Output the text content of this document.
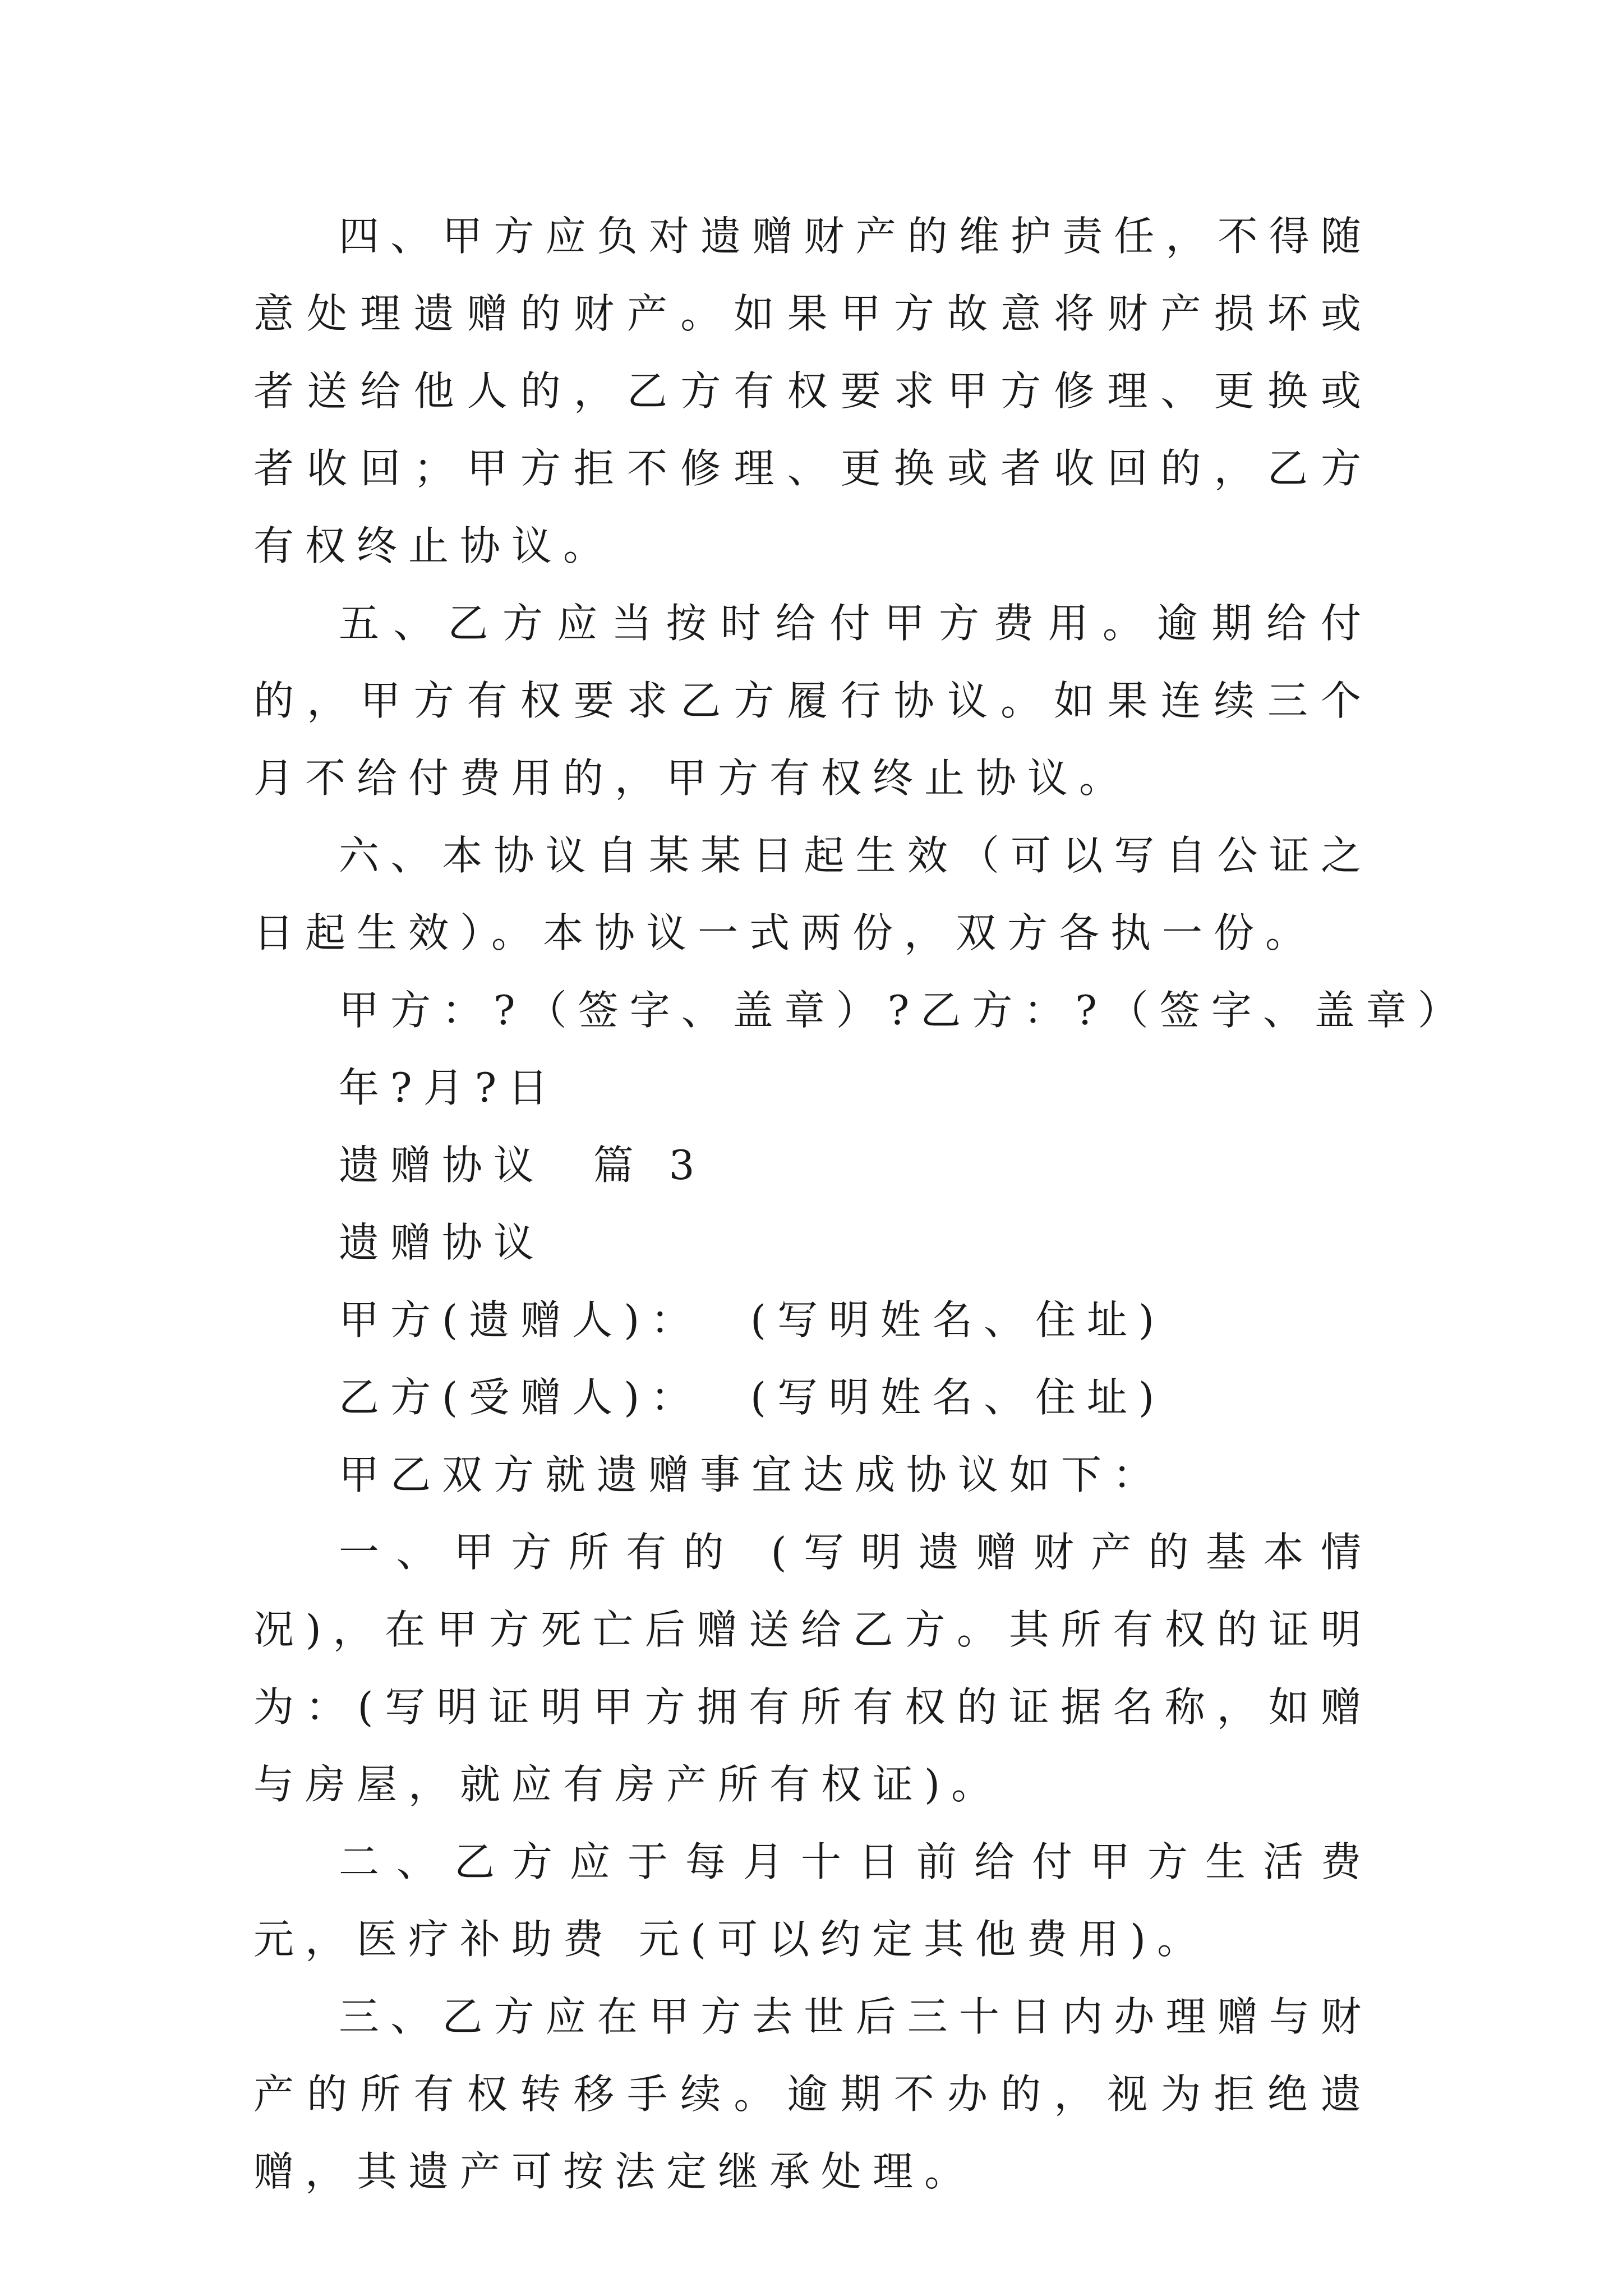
四、甲方应负对遗赠财产的维护责任，不得随意处理遗赠的财产。如果甲方故意将财产损坏或者送给他人的，乙方有权要求甲方修理、更换或者收回；甲方拒不修理、更换或者收回的，乙方有权终止协议。

五、乙方应当按时给付甲方费用。逾期给付的，甲方有权要求乙方履行协议。如果连续三个月不给付费用的，甲方有权终止协议。

六、本协议自某某日起生效（可以写自公证之日起生效）。本协议一式两份，双方各执一份。

甲方：?（签字、盖章）?乙方：?（签字、盖章）

年?月?日

遗赠协议  篇 3

遗赠协议

甲方(遗赠人)：  (写明姓名、住址)

乙方(受赠人)：  (写明姓名、住址)

甲乙双方就遗赠事宜达成协议如下：

一、甲方所有的 (写明遗赠财产的基本情况)，在甲方死亡后赠送给乙方。其所有权的证明为：(写明证明甲方拥有所有权的证据名称，如赠与房屋，就应有房产所有权证)。

二、乙方应于每月十日前给付甲方生活费 元，医疗补助费 元(可以约定其他费用)。

三、乙方应在甲方去世后三十日内办理赠与财产的所有权转移手续。逾期不办的，视为拒绝遗赠，其遗产可按法定继承处理。
